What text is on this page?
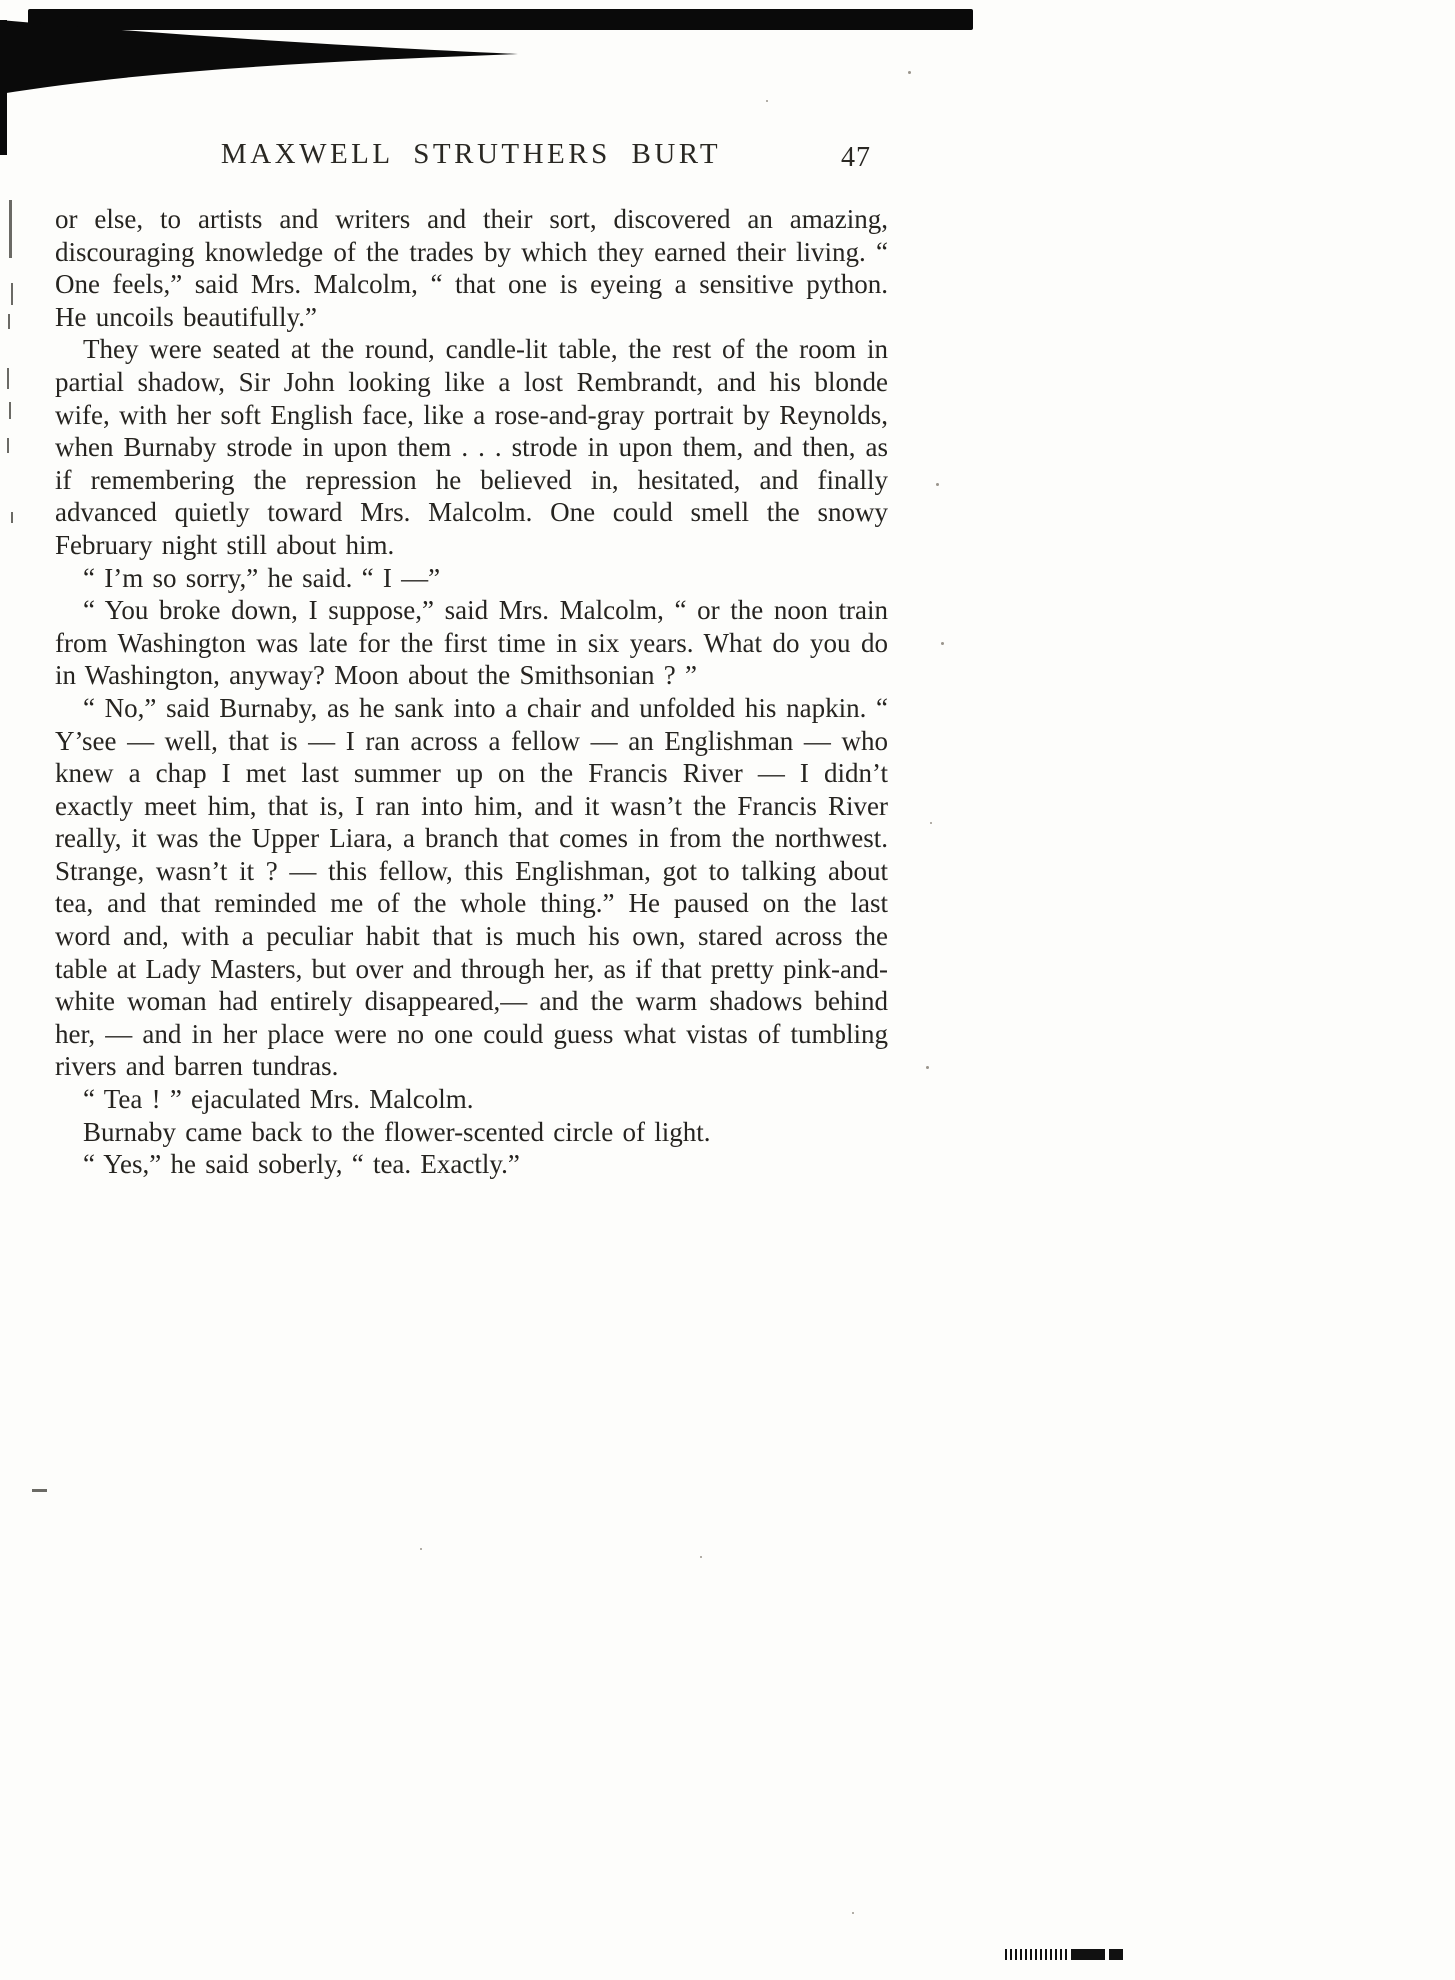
MAXWELL STRUTHERS BURT	47

or else, to artists and writers and their sort, discovered an amazing, discouraging knowledge of the trades by which they earned their living. “ One feels,” said Mrs. Malcolm, “ that one is eyeing a sensitive python. He uncoils beautifully.”

They were seated at the round, candle-lit table, the rest of the room in partial shadow, Sir John looking like a lost Rembrandt, and his blonde wife, with her soft English face, like a rose-and-gray portrait by Reynolds, when Burnaby strode in upon them . . . strode in upon them, and then, as if remembering the repression he believed in, hesitated, and finally advanced quietly toward Mrs. Malcolm. One could smell the snowy February night still about him.

“ I’m so sorry,” he said. “ I —”

“ You broke down, I suppose,” said Mrs. Malcolm, “ or the noon train from Washington was late for the first time in six years. What do you do in Washington, anyway? Moon about the Smithsonian ? ”

“ No,” said Burnaby, as he sank into a chair and unfolded his napkin. “ Y’see — well, that is — I ran across a fellow — an Englishman — who knew a chap I met last summer up on the Francis River — I didn’t exactly meet him, that is, I ran into him, and it wasn’t the Francis River really, it was the Upper Liara, a branch that comes in from the northwest. Strange, wasn’t it ? — this fellow, this Englishman, got to talking about tea, and that reminded me of the whole thing.” He paused on the last word and, with a peculiar habit that is much his own, stared across the table at Lady Masters, but over and through her, as if that pretty pink-and-white woman had entirely disappeared,— and the warm shadows behind her, — and in her place were no one could guess what vistas of tumbling rivers and barren tundras.

“ Tea ! ” ejaculated Mrs. Malcolm.

Burnaby came back to the flower-scented circle of light.

“ Yes,” he said soberly, “ tea. Exactly.”
